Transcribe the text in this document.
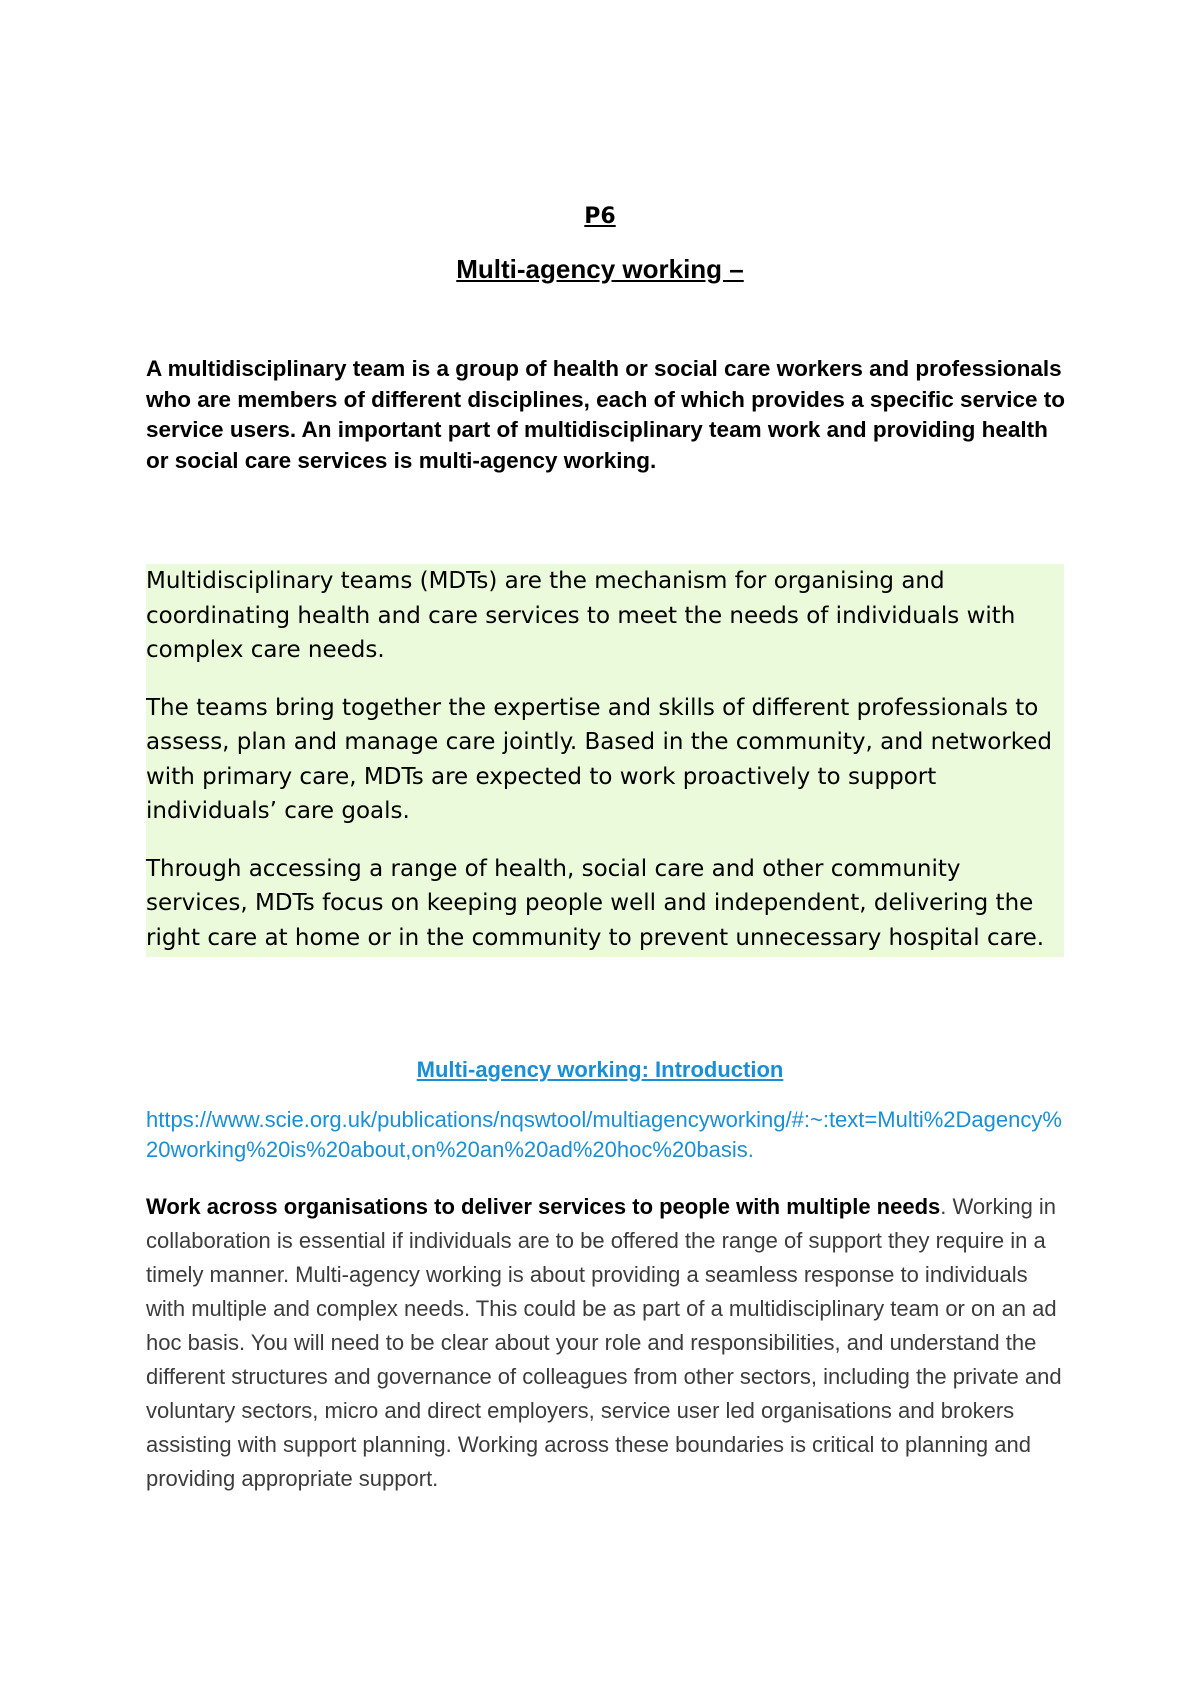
P6
Multi-agency working –
A multidisciplinary team is a group of health or social care workers and professionals who are members of different disciplines, each of which provides a specific service to service users. An important part of multidisciplinary team work and providing health or social care services is multi-agency working.

Multidisciplinary teams (MDTs) are the mechanism for organising and coordinating health and care services to meet the needs of individuals with complex care needs.

The teams bring together the expertise and skills of different professionals to assess, plan and manage care jointly. Based in the community, and networked with primary care, MDTs are expected to work proactively to support individuals’ care goals.

Through accessing a range of health, social care and other community services, MDTs focus on keeping people well and independent, delivering the right care at home or in the community to prevent unnecessary hospital care.

Multi-agency working: Introduction
https://www.scie.org.uk/publications/nqswtool/multiagencyworking/#:~:text=Multi%2Dagency%20working%20is%20about,on%20an%20ad%20hoc%20basis.
Work across organisations to deliver services to people with multiple needs. Working in collaboration is essential if individuals are to be offered the range of support they require in a timely manner. Multi-agency working is about providing a seamless response to individuals with multiple and complex needs. This could be as part of a multidisciplinary team or on an ad hoc basis. You will need to be clear about your role and responsibilities, and understand the different structures and governance of colleagues from other sectors, including the private and voluntary sectors, micro and direct employers, service user led organisations and brokers assisting with support planning. Working across these boundaries is critical to planning and providing appropriate support.
